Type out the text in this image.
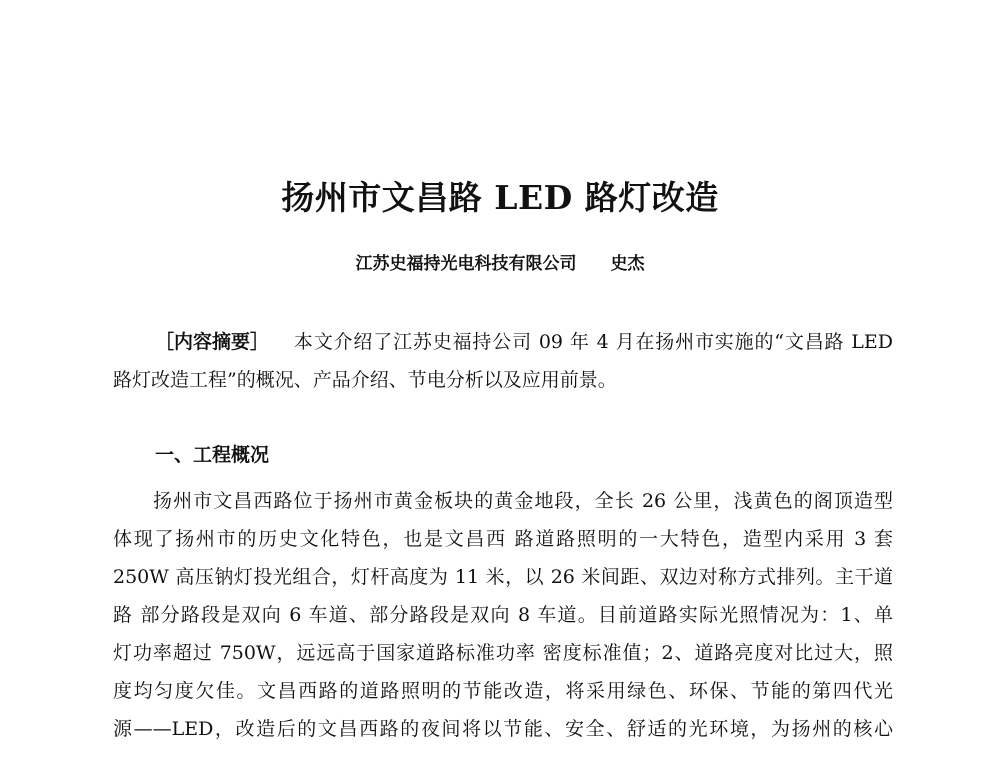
扬州市文昌路 LED 路灯改造
江苏史福持光电科技有限公司 史杰
［内容摘要］ 本文介绍了江苏史福持公司 09 年 4 月在扬州市实施的“文昌路 LED
路灯改造工程”的概况、产品介绍、节电分析以及应用前景。
一、工程概况
扬州市文昌西路位于扬州市黄金板块的黄金地段，全长 26 公里，浅黄色的阁顶造型
体现了扬州市的历史文化特色，也是文昌西 路道路照明的一大特色，造型内采用 3 套
250W 高压钠灯投光组合，灯杆高度为 11 米，以 26 米间距、双边对称方式排列。主干道
路 部分路段是双向 6 车道、部分路段是双向 8 车道。目前道路实际光照情况为：1、单
灯功率超过 750W，远远高于国家道路标准功率 密度标准值；2、道路亮度对比过大，照
度均匀度欠佳。文昌西路的道路照明的节能改造，将采用绿色、环保、节能的第四代光
源——LED，改造后的文昌西路的夜间将以节能、安全、舒适的光环境，为扬州的核心
